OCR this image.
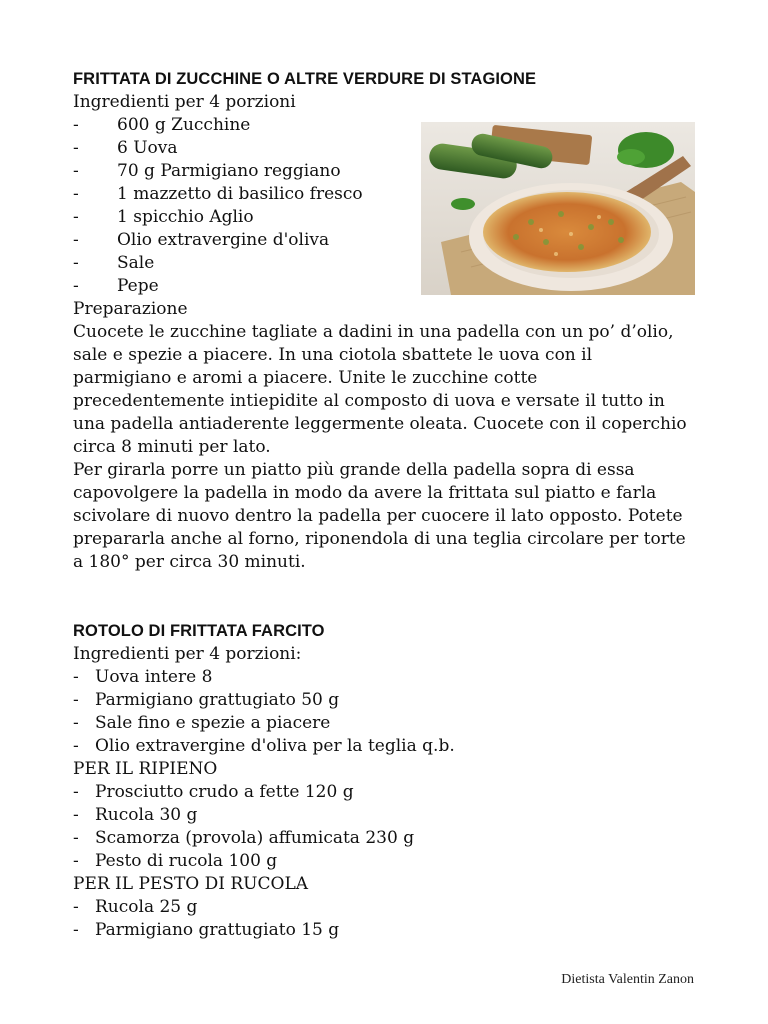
FRITTATA DI ZUCCHINE O ALTRE VERDURE DI STAGIONE

Ingredienti per 4 porzioni

- 600 g Zucchine
- 6 Uova
- 70 g Parmigiano reggiano
- 1 mazzetto di basilico fresco
- 1 spicchio Aglio
- Olio extravergine d'oliva
- Sale
- Pepe

Preparazione

Cuocete le zucchine tagliate a dadini in una padella con un po’ d’olio, sale e spezie a piacere. In una ciotola sbattete le uova con il parmigiano e aromi a piacere. Unite le zucchine cotte precedentemente intiepidite al composto di uova e versate il tutto in una padella antiaderente leggermente oleata. Cuocete con il coperchio circa 8 minuti per lato.

Per girarla porre un piatto più grande della padella sopra di essa capovolgere la padella in modo da avere la frittata sul piatto e farla scivolare di nuovo dentro la padella per cuocere il lato opposto. Potete prepararla anche al forno, riponendola di una teglia circolare per torte a 180° per circa 30 minuti.

ROTOLO DI FRITTATA FARCITO

Ingredienti per 4 porzioni:

- Uova intere 8
- Parmigiano grattugiato 50 g
- Sale fino e spezie a piacere
- Olio extravergine d'oliva per la teglia q.b.

PER IL RIPIENO

- Prosciutto crudo a fette 120 g
- Rucola 30 g
- Scamorza (provola) affumicata 230 g
- Pesto di rucola 100 g

PER IL PESTO DI RUCOLA

- Rucola 25 g
- Parmigiano grattugiato 15 g
Dietista Valentin Zanon
